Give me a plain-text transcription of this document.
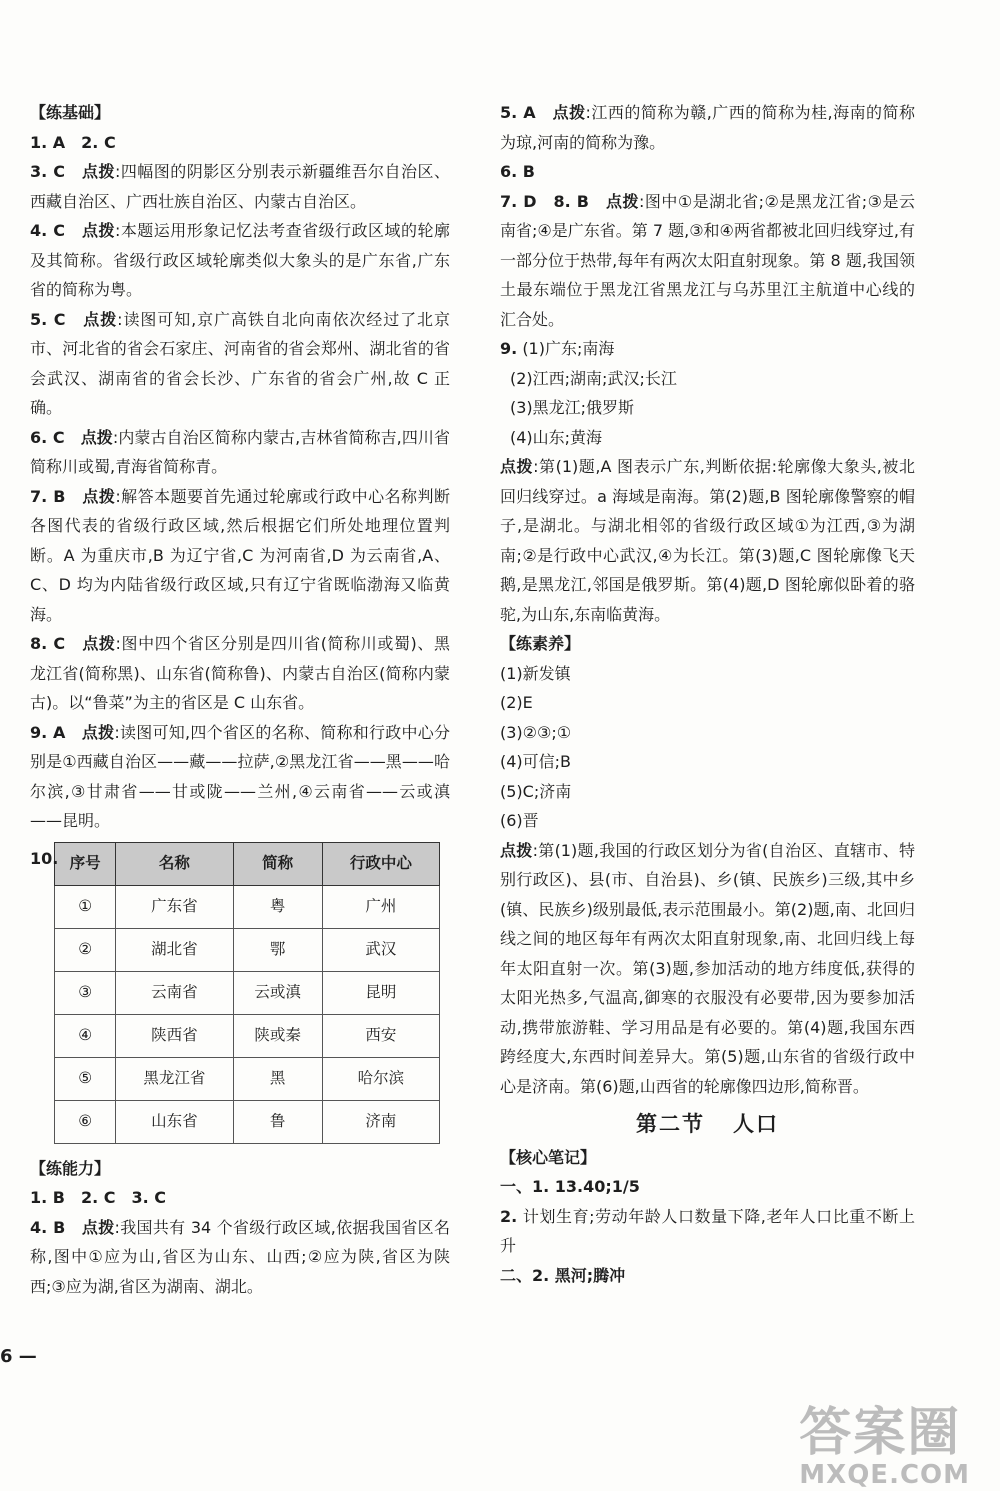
【练基础】

1. A　2. C

3. C　 点拨:四幅图的阴影区分别表示新疆维吾尔自治区、西藏自治区、广西壮族自治区、内蒙古自治区。

4. C　 点拨:本题运用形象记忆法考查省级行政区域的轮廓及其简称。省级行政区域轮廓类似大象头的是广东省,广东省的简称为粤。

5. C　 点拨:读图可知,京广高铁自北向南依次经过了北京市、河北省的省会石家庄、河南省的省会郑州、湖北省的省会武汉、湖南省的省会长沙、广东省的省会广州,故 C 正确。

6. C　 点拨:内蒙古自治区简称内蒙古,吉林省简称吉,四川省简称川或蜀,青海省简称青。

7. B　 点拨:解答本题要首先通过轮廓或行政中心名称判断各图代表的省级行政区域,然后根据它们所处地理位置判断。A 为重庆市,B 为辽宁省,C 为河南省,D 为云南省,A、C、D 均为内陆省级行政区域,只有辽宁省既临渤海又临黄海。

8. C　 点拨:图中四个省区分别是四川省(简称川或蜀)、黑龙江省(简称黑)、山东省(简称鲁)、内蒙古自治区(简称内蒙古)。以“鲁菜”为主的省区是 C 山东省。

9. A　 点拨:读图可知,四个省区的名称、简称和行政中心分别是①西藏自治区——藏——拉萨,②黑龙江省——黑——哈尔滨,③甘肃省——甘或陇——兰州,④云南省——云或滇——昆明。

10. 序号	名称	简称	行政中心
①	广东省	粤	广州
②	湖北省	鄂	武汉
③	云南省	云或滇	昆明
④	陕西省	陕或秦	西安
⑤	黑龙江省	黑	哈尔滨
⑥	山东省	鲁	济南

【练能力】

1. B　2. C　3. C

4. B　 点拨:我国共有 34 个省级行政区域,依据我国省区名称,图中①应为山,省区为山东、山西;②应为陕,省区为陕西;③应为湖,省区为湖南、湖北。

6 —

5. A　 点拨:江西的简称为赣,广西的简称为桂,海南的简称为琼,河南的简称为豫。

6. B

7. D　8. B　 点拨:图中①是湖北省;②是黑龙江省;③是云南省;④是广东省。第 7 题,③和④两省都被北回归线穿过,有一部分位于热带,每年有两次太阳直射现象。第 8 题,我国领土最东端位于黑龙江省黑龙江与乌苏里江主航道中心线的汇合处。

9. (1)广东;南海

(2)江西;湖南;武汉;长江

(3)黑龙江;俄罗斯

(4)山东;黄海

点拨:第(1)题,A 图表示广东,判断依据:轮廓像大象头,被北回归线穿过。a 海域是南海。第(2)题,B 图轮廓像警察的帽子,是湖北。与湖北相邻的省级行政区域①为江西,③为湖南;②是行政中心武汉,④为长江。第(3)题,C 图轮廓像飞天鹅,是黑龙江,邻国是俄罗斯。第(4)题,D 图轮廓似卧着的骆驼,为山东,东南临黄海。

【练素养】

(1)新发镇

(2)E

(3)②③;①

(4)可信;B

(5)C;济南

(6)晋

点拨:第(1)题,我国的行政区划分为省(自治区、直辖市、特别行政区)、县(市、自治县)、乡(镇、民族乡)三级,其中乡(镇、民族乡)级别最低,表示范围最小。第(2)题,南、北回归线之间的地区每年有两次太阳直射现象,南、北回归线上每年太阳直射一次。第(3)题,参加活动的地方纬度低,获得的太阳光热多,气温高,御寒的衣服没有必要带,因为要参加活动,携带旅游鞋、学习用品是有必要的。第(4)题,我国东西跨经度大,东西时间差异大。第(5)题,山东省的省级行政中心是济南。第(6)题,山西省的轮廓像四边形,简称晋。

第二节 人口

【核心笔记】

一、1. 13.40;1/5

2. 计划生育;劳动年龄人口数量下降,老年人口比重不断上升

二、2. 黑河;腾冲

答案圈
MXQE.COM
